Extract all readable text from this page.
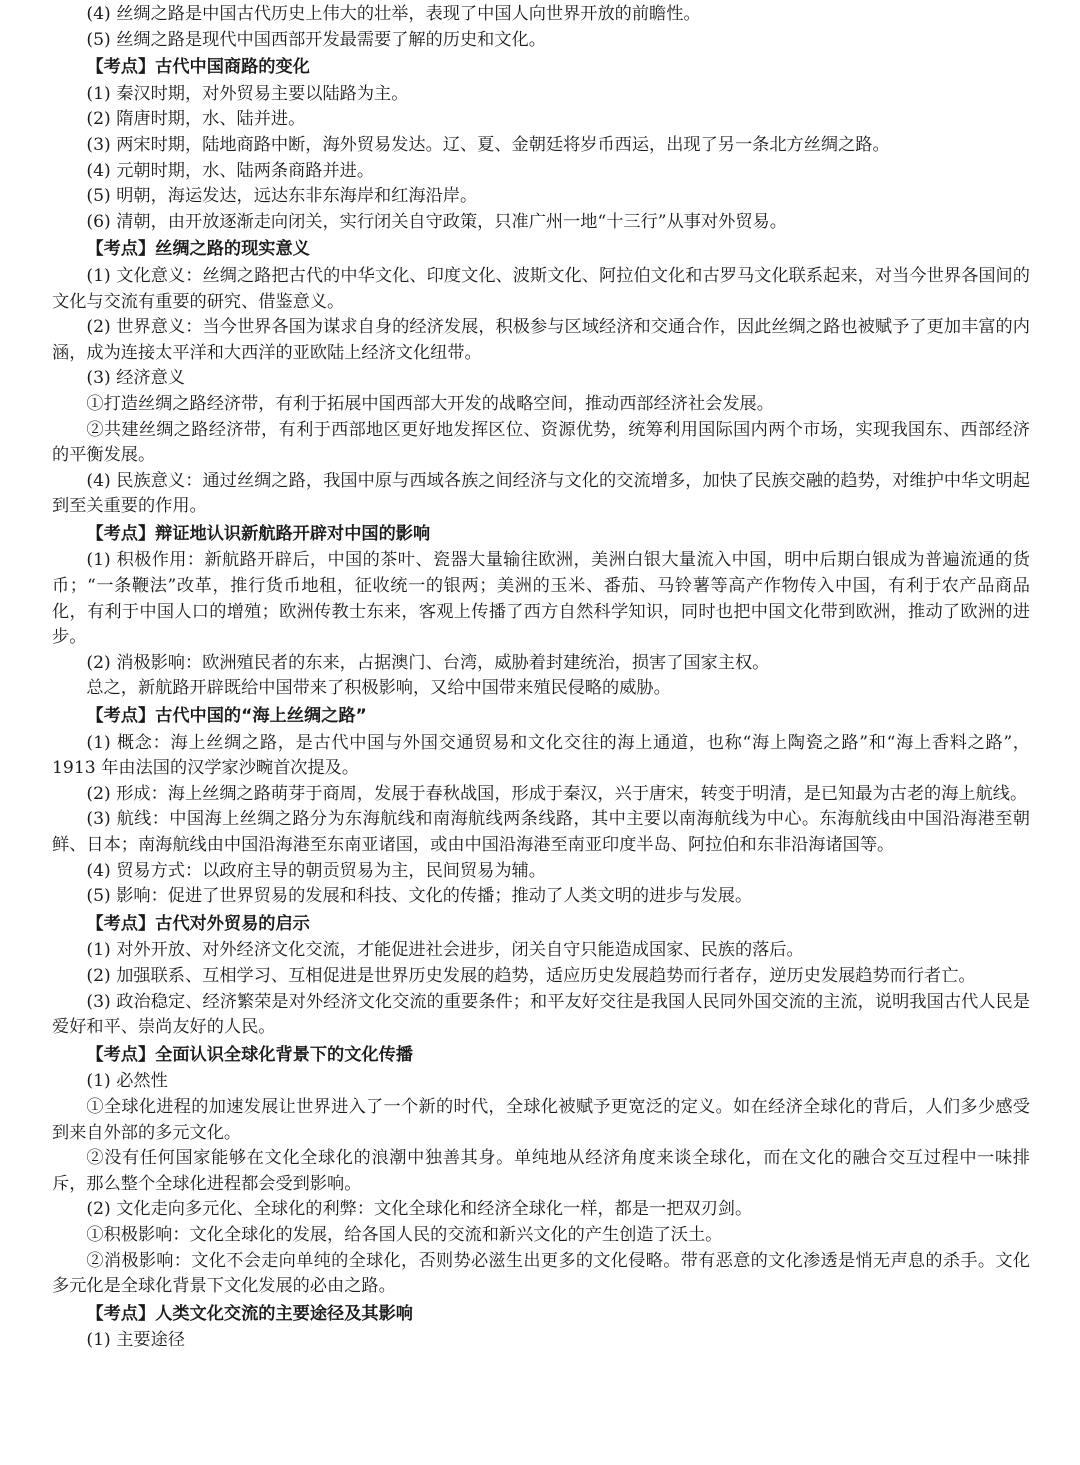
(4) 丝绸之路是中国古代历史上伟大的壮举，表现了中国人向世界开放的前瞻性。
(5) 丝绸之路是现代中国西部开发最需要了解的历史和文化。
【考点】古代中国商路的变化
(1) 秦汉时期，对外贸易主要以陆路为主。
(2) 隋唐时期，水、陆并进。
(3) 两宋时期，陆地商路中断，海外贸易发达。辽、夏、金朝廷将岁币西运，出现了另一条北方丝绸之路。
(4) 元朝时期，水、陆两条商路并进。
(5) 明朝，海运发达，远达东非东海岸和红海沿岸。
(6) 清朝，由开放逐渐走向闭关，实行闭关自守政策，只准广州一地“十三行”从事对外贸易。
【考点】丝绸之路的现实意义
(1) 文化意义：丝绸之路把古代的中华文化、印度文化、波斯文化、阿拉伯文化和古罗马文化联系起来，对当今世界各国间的文化与交流有重要的研究、借鉴意义。
(2) 世界意义：当今世界各国为谋求自身的经济发展，积极参与区域经济和交通合作，因此丝绸之路也被赋予了更加丰富的内涵，成为连接太平洋和大西洋的亚欧陆上经济文化纽带。
(3) 经济意义
①打造丝绸之路经济带，有利于拓展中国西部大开发的战略空间，推动西部经济社会发展。
②共建丝绸之路经济带，有利于西部地区更好地发挥区位、资源优势，统筹利用国际国内两个市场，实现我国东、西部经济的平衡发展。
(4) 民族意义：通过丝绸之路，我国中原与西域各族之间经济与文化的交流增多，加快了民族交融的趋势，对维护中华文明起到至关重要的作用。
【考点】辩证地认识新航路开辟对中国的影响
(1) 积极作用：新航路开辟后，中国的茶叶、瓷器大量输往欧洲，美洲白银大量流入中国，明中后期白银成为普遍流通的货币；“一条鞭法”改革，推行货币地租，征收统一的银两；美洲的玉米、番茄、马铃薯等高产作物传入中国，有利于农产品商品化，有利于中国人口的增殖；欧洲传教士东来，客观上传播了西方自然科学知识，同时也把中国文化带到欧洲，推动了欧洲的进步。
(2) 消极影响：欧洲殖民者的东来，占据澳门、台湾，威胁着封建统治，损害了国家主权。
总之，新航路开辟既给中国带来了积极影响，又给中国带来殖民侵略的威胁。
【考点】古代中国的“海上丝绸之路”
(1) 概念：海上丝绸之路，是古代中国与外国交通贸易和文化交往的海上通道，也称“海上陶瓷之路”和“海上香料之路”，1913 年由法国的汉学家沙畹首次提及。
(2) 形成：海上丝绸之路萌芽于商周，发展于春秋战国，形成于秦汉，兴于唐宋，转变于明清，是已知最为古老的海上航线。
(3) 航线：中国海上丝绸之路分为东海航线和南海航线两条线路，其中主要以南海航线为中心。东海航线由中国沿海港至朝鲜、日本；南海航线由中国沿海港至东南亚诸国，或由中国沿海港至南亚印度半岛、阿拉伯和东非沿海诸国等。
(4) 贸易方式：以政府主导的朝贡贸易为主，民间贸易为辅。
(5) 影响：促进了世界贸易的发展和科技、文化的传播；推动了人类文明的进步与发展。
【考点】古代对外贸易的启示
(1) 对外开放、对外经济文化交流，才能促进社会进步，闭关自守只能造成国家、民族的落后。
(2) 加强联系、互相学习、互相促进是世界历史发展的趋势，适应历史发展趋势而行者存，逆历史发展趋势而行者亡。
(3) 政治稳定、经济繁荣是对外经济文化交流的重要条件；和平友好交往是我国人民同外国交流的主流，说明我国古代人民是爱好和平、崇尚友好的人民。
【考点】全面认识全球化背景下的文化传播
(1) 必然性
①全球化进程的加速发展让世界进入了一个新的时代，全球化被赋予更宽泛的定义。如在经济全球化的背后，人们多少感受到来自外部的多元文化。
②没有任何国家能够在文化全球化的浪潮中独善其身。单纯地从经济角度来谈全球化，而在文化的融合交互过程中一味排斥，那么整个全球化进程都会受到影响。
(2) 文化走向多元化、全球化的利弊：文化全球化和经济全球化一样，都是一把双刃剑。
①积极影响：文化全球化的发展，给各国人民的交流和新兴文化的产生创造了沃土。
②消极影响：文化不会走向单纯的全球化，否则势必滋生出更多的文化侵略。带有恶意的文化渗透是悄无声息的杀手。文化多元化是全球化背景下文化发展的必由之路。
【考点】人类文化交流的主要途径及其影响
(1) 主要途径
